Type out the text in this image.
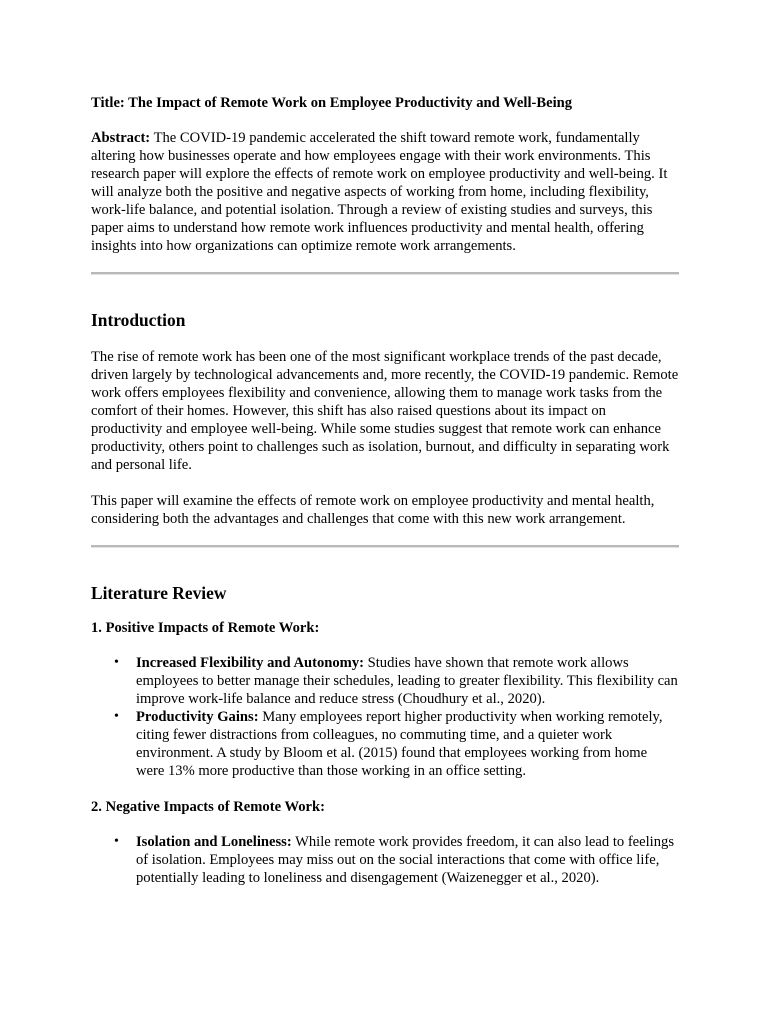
Title: The Impact of Remote Work on Employee Productivity and Well-Being

Abstract: The COVID-19 pandemic accelerated the shift toward remote work, fundamentally altering how businesses operate and how employees engage with their work environments. This research paper will explore the effects of remote work on employee productivity and well-being. It will analyze both the positive and negative aspects of working from home, including flexibility, work-life balance, and potential isolation. Through a review of existing studies and surveys, this paper aims to understand how remote work influences productivity and mental health, offering insights into how organizations can optimize remote work arrangements.

Introduction

The rise of remote work has been one of the most significant workplace trends of the past decade, driven largely by technological advancements and, more recently, the COVID-19 pandemic. Remote work offers employees flexibility and convenience, allowing them to manage work tasks from the comfort of their homes. However, this shift has also raised questions about its impact on productivity and employee well-being. While some studies suggest that remote work can enhance productivity, others point to challenges such as isolation, burnout, and difficulty in separating work and personal life.

This paper will examine the effects of remote work on employee productivity and mental health, considering both the advantages and challenges that come with this new work arrangement.

Literature Review
1. Positive Impacts of Remote Work:
• Increased Flexibility and Autonomy: Studies have shown that remote work allows employees to better manage their schedules, leading to greater flexibility. This flexibility can improve work-life balance and reduce stress (Choudhury et al., 2020).
• Productivity Gains: Many employees report higher productivity when working remotely, citing fewer distractions from colleagues, no commuting time, and a quieter work environment. A study by Bloom et al. (2015) found that employees working from home were 13% more productive than those working in an office setting.
2. Negative Impacts of Remote Work:
• Isolation and Loneliness: While remote work provides freedom, it can also lead to feelings of isolation. Employees may miss out on the social interactions that come with office life, potentially leading to loneliness and disengagement (Waizenegger et al., 2020).
